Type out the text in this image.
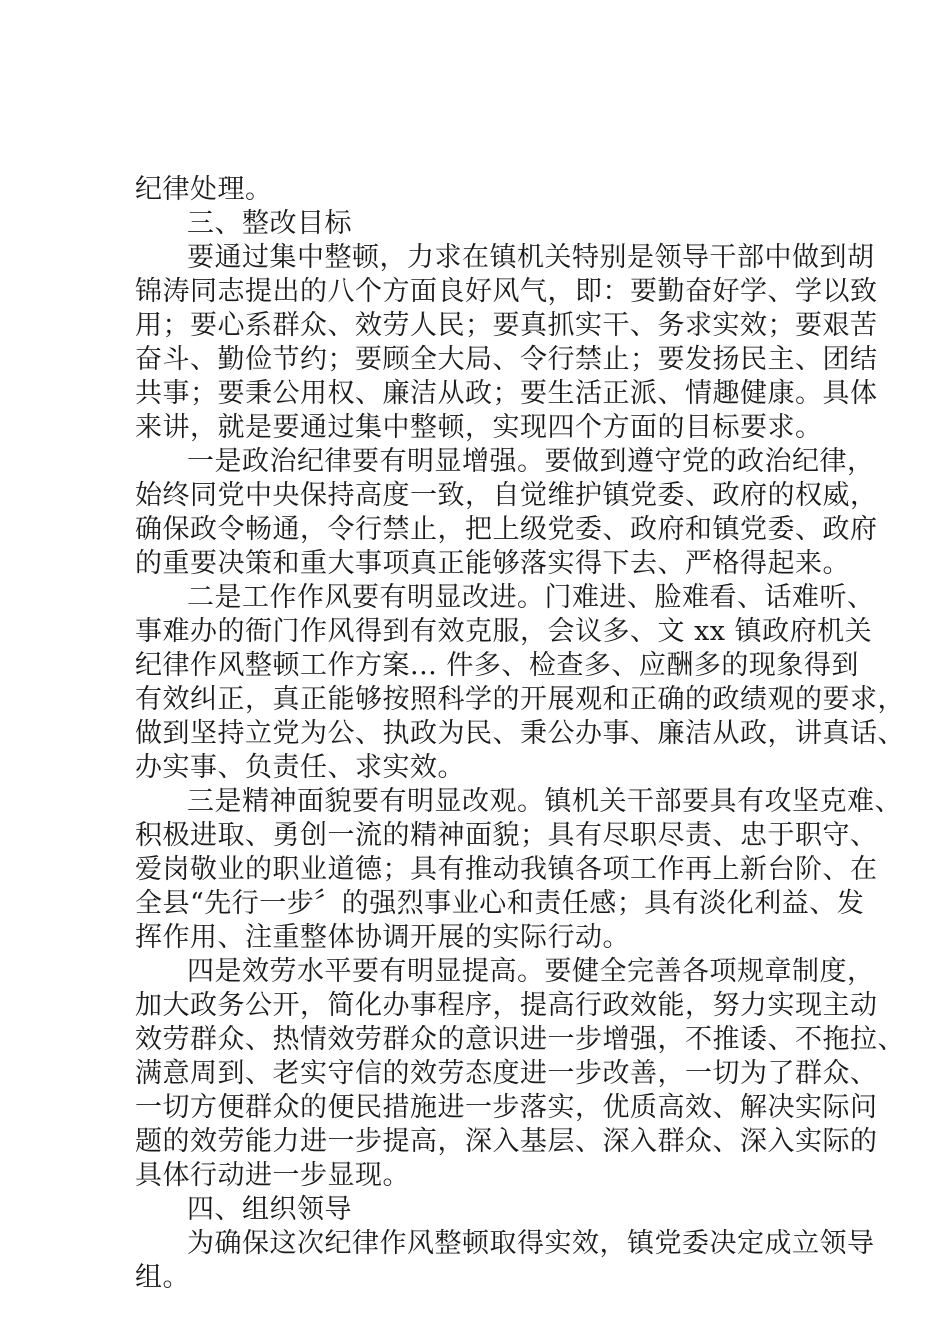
纪律处理。
三、整改目标
要通过集中整顿，力求在镇机关特别是领导干部中做到胡
锦涛同志提出的八个方面良好风气，即：要勤奋好学、学以致
用；要心系群众、效劳人民；要真抓实干、务求实效；要艰苦
奋斗、勤俭节约；要顾全大局、令行禁止；要发扬民主、团结
共事；要秉公用权、廉洁从政；要生活正派、情趣健康。具体
来讲，就是要通过集中整顿，实现四个方面的目标要求。
一是政治纪律要有明显增强。要做到遵守党的政治纪律，
始终同党中央保持高度一致，自觉维护镇党委、政府的权威，
确保政令畅通，令行禁止，把上级党委、政府和镇党委、政府
的重要决策和重大事项真正能够落实得下去、严格得起来。
二是工作作风要有明显改进。门难进、脸难看、话难听、
事难办的衙门作风得到有效克服，会议多、文 xx 镇政府机关
纪律作风整顿工作方案... 件多、检查多、应酬多的现象得到
有效纠正，真正能够按照科学的开展观和正确的政绩观的要求，
做到坚持立党为公、执政为民、秉公办事、廉洁从政，讲真话、
办实事、负责任、求实效。
三是精神面貌要有明显改观。镇机关干部要具有攻坚克难、
积极进取、勇创一流的精神面貌；具有尽职尽责、忠于职守、
爱岗敬业的职业道德；具有推动我镇各项工作再上新台阶、在
全县“先行一步〞的强烈事业心和责任感；具有淡化利益、发
挥作用、注重整体协调开展的实际行动。
四是效劳水平要有明显提高。要健全完善各项规章制度，
加大政务公开，简化办事程序，提高行政效能，努力实现主动
效劳群众、热情效劳群众的意识进一步增强，不推诿、不拖拉、
满意周到、老实守信的效劳态度进一步改善，一切为了群众、
一切方便群众的便民措施进一步落实，优质高效、解决实际问
题的效劳能力进一步提高，深入基层、深入群众、深入实际的
具体行动进一步显现。
四、组织领导
为确保这次纪律作风整顿取得实效，镇党委决定成立领导
组。
